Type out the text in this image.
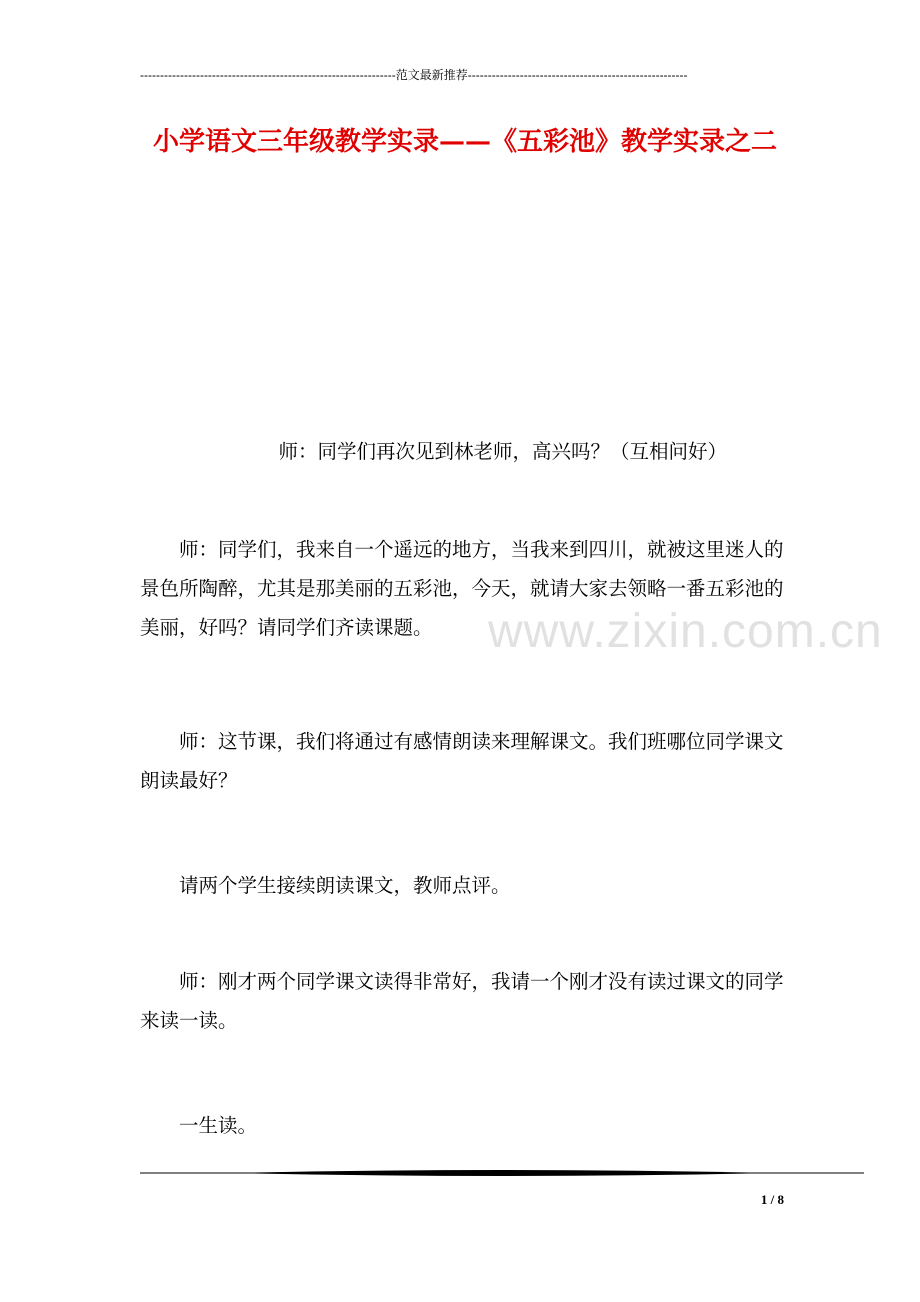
----------------------------------------------------------------范文最新推荐-------------------------------------------------------
小学语文三年级教学实录——《五彩池》教学实录之二

师：同学们再次见到林老师，高兴吗？（互相问好）

师：同学们，我来自一个遥远的地方，当我来到四川，就被这里迷人的景色所陶醉，尤其是那美丽的五彩池，今天，就请大家去领略一番五彩池的美丽，好吗？请同学们齐读课题。

师：这节课，我们将通过有感情朗读来理解课文。我们班哪位同学课文朗读最好？

请两个学生接续朗读课文，教师点评。

师：刚才两个同学课文读得非常好，我请一个刚才没有读过课文的同学来读一读。

一生读。

www.zixin.com.cn
1 / 8
